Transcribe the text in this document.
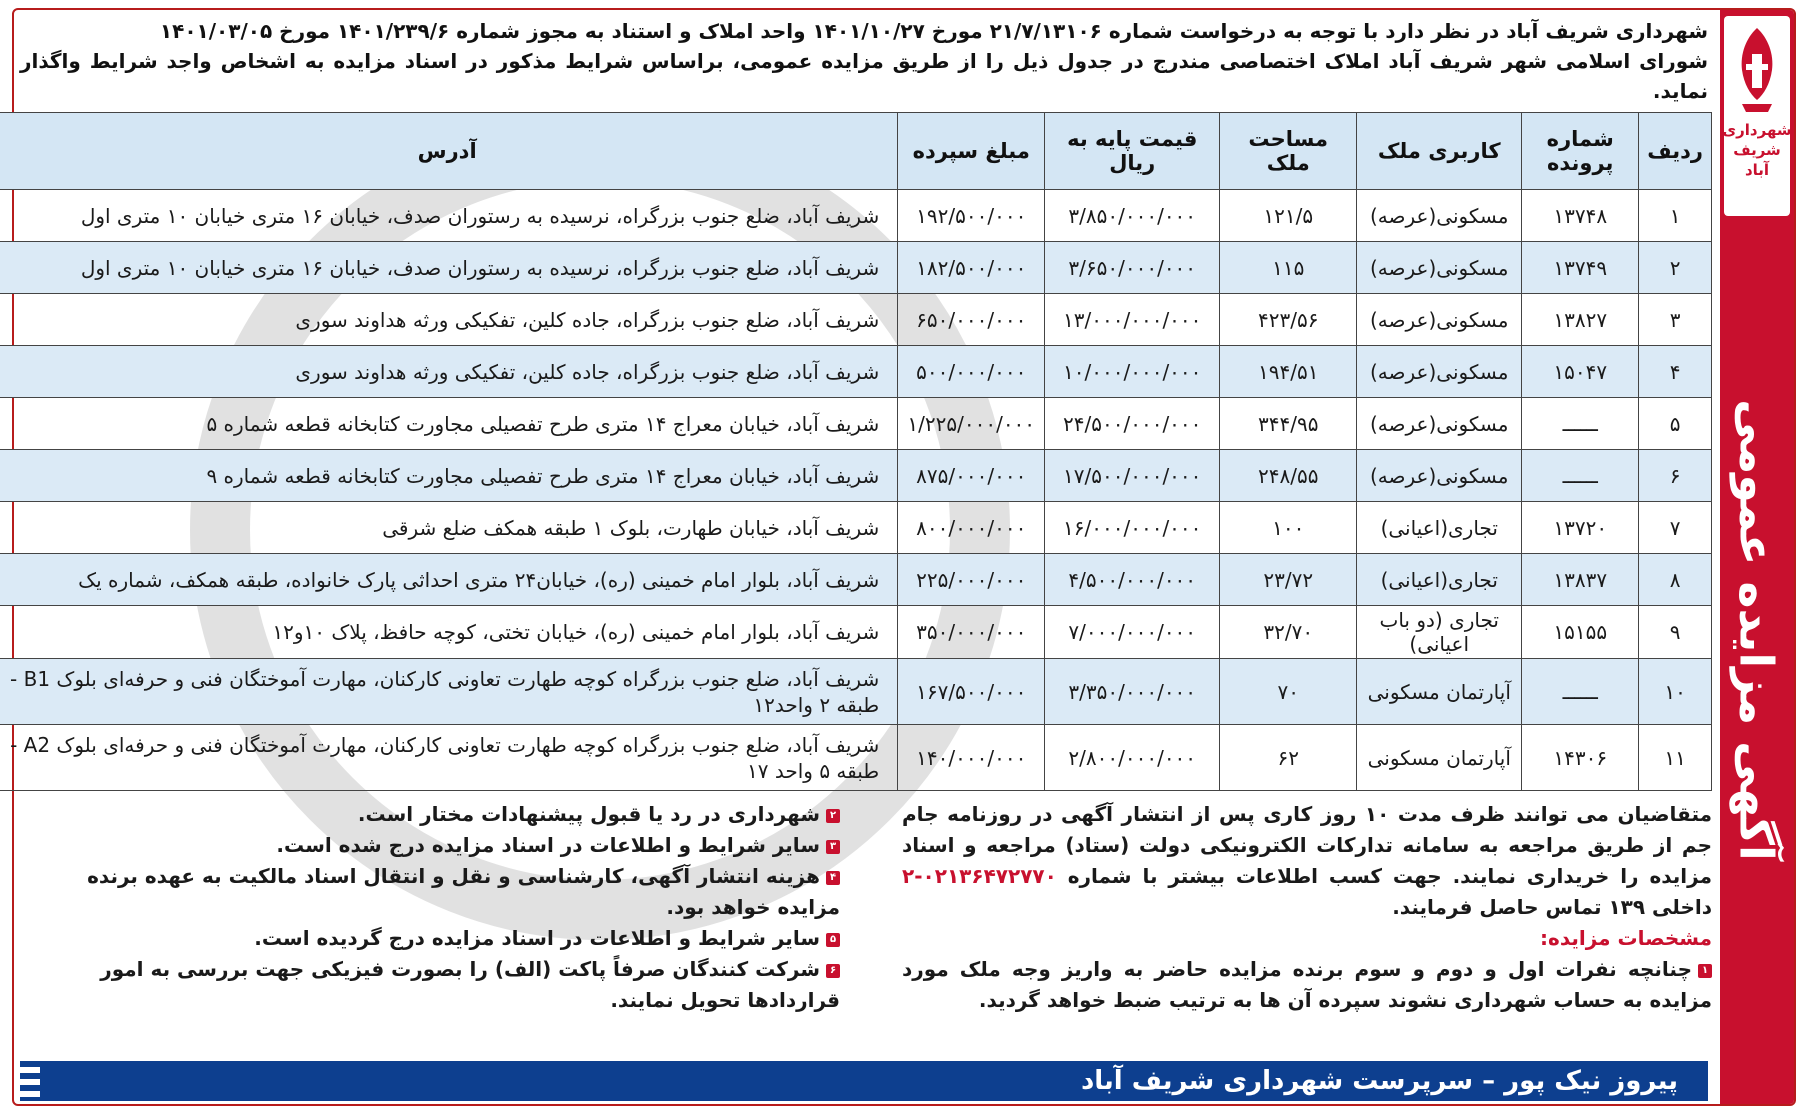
شهرداری
شریف آباد
آگهی مزایده عمومی
شهرداری شریف آباد در نظر دارد با توجه به درخواست شماره ۲۱/۷/۱۳۱۰۶ مورخ ۱۴۰۱/۱۰/۲۷ واحد املاک و استناد به مجوز شماره ۱۴۰۱/۲۳۹/۶ مورخ ۱۴۰۱/۰۳/۰۵
شورای اسلامی شهر شریف آباد املاک اختصاصی مندرج در جدول ذیل را از طریق مزایده عمومی، براساس شرایط مذکور در اسناد مزایده به اشخاص واجد شرایط واگذار نماید.
ردیف	شماره پرونده	کاربری ملک	مساحت ملک	قیمت پایه به ریال	مبلغ سپرده	آدرس
۱	۱۳۷۴۸	مسکونی(عرصه)	۱۲۱/۵	۳/۸۵۰/۰۰۰/۰۰۰	۱۹۲/۵۰۰/۰۰۰	شریف آباد، ضلع جنوب بزرگراه، نرسیده به رستوران صدف، خیابان ۱۶ متری خیابان ۱۰ متری اول
۲	۱۳۷۴۹	مسکونی(عرصه)	۱۱۵	۳/۶۵۰/۰۰۰/۰۰۰	۱۸۲/۵۰۰/۰۰۰	شریف آباد، ضلع جنوب بزرگراه، نرسیده به رستوران صدف، خیابان ۱۶ متری خیابان ۱۰ متری اول
۳	۱۳۸۲۷	مسکونی(عرصه)	۴۲۳/۵۶	۱۳/۰۰۰/۰۰۰/۰۰۰	۶۵۰/۰۰۰/۰۰۰	شریف آباد، ضلع جنوب بزرگراه، جاده کلین، تفکیکی ورثه هداوند سوری
۴	۱۵۰۴۷	مسکونی(عرصه)	۱۹۴/۵۱	۱۰/۰۰۰/۰۰۰/۰۰۰	۵۰۰/۰۰۰/۰۰۰	شریف آباد، ضلع جنوب بزرگراه، جاده کلین، تفکیکی ورثه هداوند سوری
۵	ــــــ	مسکونی(عرصه)	۳۴۴/۹۵	۲۴/۵۰۰/۰۰۰/۰۰۰	۱/۲۲۵/۰۰۰/۰۰۰	شریف آباد، خیابان معراج ۱۴ متری طرح تفصیلی مجاورت کتابخانه قطعه شماره ۵
۶	ــــــ	مسکونی(عرصه)	۲۴۸/۵۵	۱۷/۵۰۰/۰۰۰/۰۰۰	۸۷۵/۰۰۰/۰۰۰	شریف آباد، خیابان معراج ۱۴ متری طرح تفصیلی مجاورت کتابخانه قطعه شماره ۹
۷	۱۳۷۲۰	تجاری(اعیانی)	۱۰۰	۱۶/۰۰۰/۰۰۰/۰۰۰	۸۰۰/۰۰۰/۰۰۰	شریف آباد، خیابان طهارت، بلوک ۱ طبقه همکف ضلع شرقی
۸	۱۳۸۳۷	تجاری(اعیانی)	۲۳/۷۲	۴/۵۰۰/۰۰۰/۰۰۰	۲۲۵/۰۰۰/۰۰۰	شریف آباد، بلوار امام خمینی (ره)، خیابان۲۴ متری احداثی پارک خانواده، طبقه همکف، شماره یک
۹	۱۵۱۵۵	تجاری (دو باب اعیانی)	۳۲/۷۰	۷/۰۰۰/۰۰۰/۰۰۰	۳۵۰/۰۰۰/۰۰۰	شریف آباد، بلوار امام خمینی (ره)، خیابان تختی، کوچه حافظ، پلاک ۱۰و۱۲
۱۰	ــــــ	آپارتمان مسکونی	۷۰	۳/۳۵۰/۰۰۰/۰۰۰	۱۶۷/۵۰۰/۰۰۰	شریف آباد، ضلع جنوب بزرگراه کوچه طهارت تعاونی کارکنان، مهارت آموختگان فنی و حرفه‌ای بلوک B1 - طبقه ۲ واحد۱۲
۱۱	۱۴۳۰۶	آپارتمان مسکونی	۶۲	۲/۸۰۰/۰۰۰/۰۰۰	۱۴۰/۰۰۰/۰۰۰	شریف آباد، ضلع جنوب بزرگراه کوچه طهارت تعاونی کارکنان، مهارت آموختگان فنی و حرفه‌ای بلوک A2 - طبقه ۵ واحد ۱۷
متقاضیان می توانند ظرف مدت ۱۰ روز کاری پس از انتشار آگهی در روزنامه جام جم از طریق مراجعه به سامانه تدارکات الکترونیکی دولت (ستاد) مراجعه و اسناد مزایده را خریداری نمایند. جهت کسب اطلاعات بیشتر با شماره ۰۲۱۳۶۴۷۲۷۷۰-۲ داخلی ۱۳۹ تماس حاصل فرمایند.
مشخصات مزایده:
۱چنانچه نفرات اول و دوم و سوم برنده مزایده حاضر به واریز وجه ملک مورد مزایده به حساب شهرداری نشوند سپرده آن ها به ترتیب ضبط خواهد گردید.
۲شهرداری در رد یا قبول پیشنهادات مختار است.
۳سایر شرایط و اطلاعات در اسناد مزایده درج شده است.
۴هزینه انتشار آگهی، کارشناسی و نقل و انتقال اسناد مالکیت به عهده برنده مزایده خواهد بود.
۵سایر شرایط و اطلاعات در اسناد مزایده درج گردیده است.
۶شرکت کنندگان صرفاً پاکت (الف) را بصورت فیزیکی جهت بررسی به امور قراردادها تحویل نمایند.
پیروز نیک پور – سرپرست شهرداری شریف آباد
